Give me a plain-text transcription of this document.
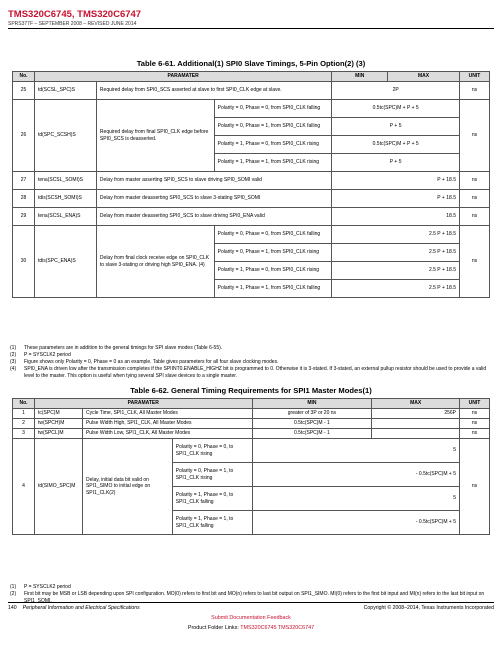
TMS320C6745, TMS320C6747
SPRS377F – SEPTEMBER 2008 – REVISED JUNE 2014
Table 6-61. Additional(1) SPI0 Slave Timings, 5-Pin Option(2) (3)
No.	PARAMATER			MIN	MAX	UNIT
25	td(SCSL_SPC)S	Required delay from SPI0_SCS asserted at slave to first SPI0_CLK edge at slave.		2P		ns
26	td(SPC_SCSH)S	Required delay from final SPI0_CLK edge before SPI0_SCS is deasserted.	Polarity = 0, Phase = 0, from SPI0_CLK falling	0.5tc(SPC)M + P + 5		ns
			Polarity = 0, Phase = 1, from SPI0_CLK falling	P + 5		
			Polarity = 1, Phase = 0, from SPI0_CLK rising	0.5tc(SPC)M + P + 5		
			Polarity = 1, Phase = 1, from SPI0_CLK rising	P + 5		
27	tena(SCSL_SOMI)S	Delay from master asserting SPI0_SCS to slave driving SPI0_SOMI valid		P + 18.5		ns
28	tdis(SCSH_SOMI)S	Delay from master deasserting SPI0_SCS to slave 3-stating SPI0_SOMI		P + 18.5		ns
29	tena(SCSL_ENA)S	Delay from master deasserting SPI0_SCS to slave driving SPI0_ENA valid		18.5		ns
30	tdis(SPC_ENA)S	Delay from final clock receive edge on SPI0_CLK to slave 3-stating or driving high SPI0_ENA. (4)	Polarity = 0, Phase = 0, from SPI0_CLK falling	2.5 P + 18.5		ns
			Polarity = 0, Phase = 1, from SPI0_CLK rising	2.5 P + 18.5		
			Polarity = 1, Phase = 0, from SPI0_CLK rising	2.5 P + 18.5		
			Polarity = 1, Phase = 1, from SPI0_CLK falling	2.5 P + 18.5		
(1) These parameters are in addition to the general timings for SPI slave modes (Table 6-55).
(2) P = SYSCLK2 period
(3) Figure shows only Polarity = 0, Phase = 0 as an example. Table gives parameters for all four slave clocking modes.
(4) SPI0_ENA is driven low after the transmission completes if the SPIINT0.ENABLE_HIGHZ bit is programmed to 0. Otherwise it is 3-stated. If 3-stated, an external pullup resistor should be used to provide a valid level to the master. This option is useful when tying several SPI slave devices to a single master.
Table 6-62. General Timing Requirements for SPI1 Master Modes(1)
No.	PARAMATER			MIN	MAX	UNIT
1	tc(SPC)M	Cycle Time, SPI1_CLK, All Master Modes		greater of 3P or 20 ns	256P	ns
2	tw(SPCH)M	Pulse Width High, SPI1_CLK, All Master Modes		0.5tc(SPC)M - 1		ns
3	tw(SPCL)M	Pulse Width Low, SPI1_CLK, All Master Modes		0.5tc(SPC)M - 1		ns
4	td(SIMO_SPC)M	Delay, initial data bit valid on SPI1_SIMO to initial edge on SPI1_CLK(2)	Polarity = 0, Phase = 0, to SPI1_CLK rising	5		ns
			Polarity = 0, Phase = 1, to SPI1_CLK rising	- 0.5tc(SPC)M + 5		
			Polarity = 1, Phase = 0, to SPI1_CLK falling	5		
			Polarity = 1, Phase = 1, to SPI1_CLK falling	- 0.5tc(SPC)M + 5		
(1) P = SYSCLK2 period
(2) First bit may be MSB or LSB depending upon SPI configuration. MO(0) refers to first bit and MO(n) refers to last bit output on SPI1_SIMO. MI(0) refers to the first bit input and MI(n) refers to the last bit input on SPI1_SOMI.
140 Peripheral Information and Electrical Specifications	Copyright © 2008–2014, Texas Instruments Incorporated
Submit Documentation Feedback
Product Folder Links: TMS320C6745 TMS320C6747
